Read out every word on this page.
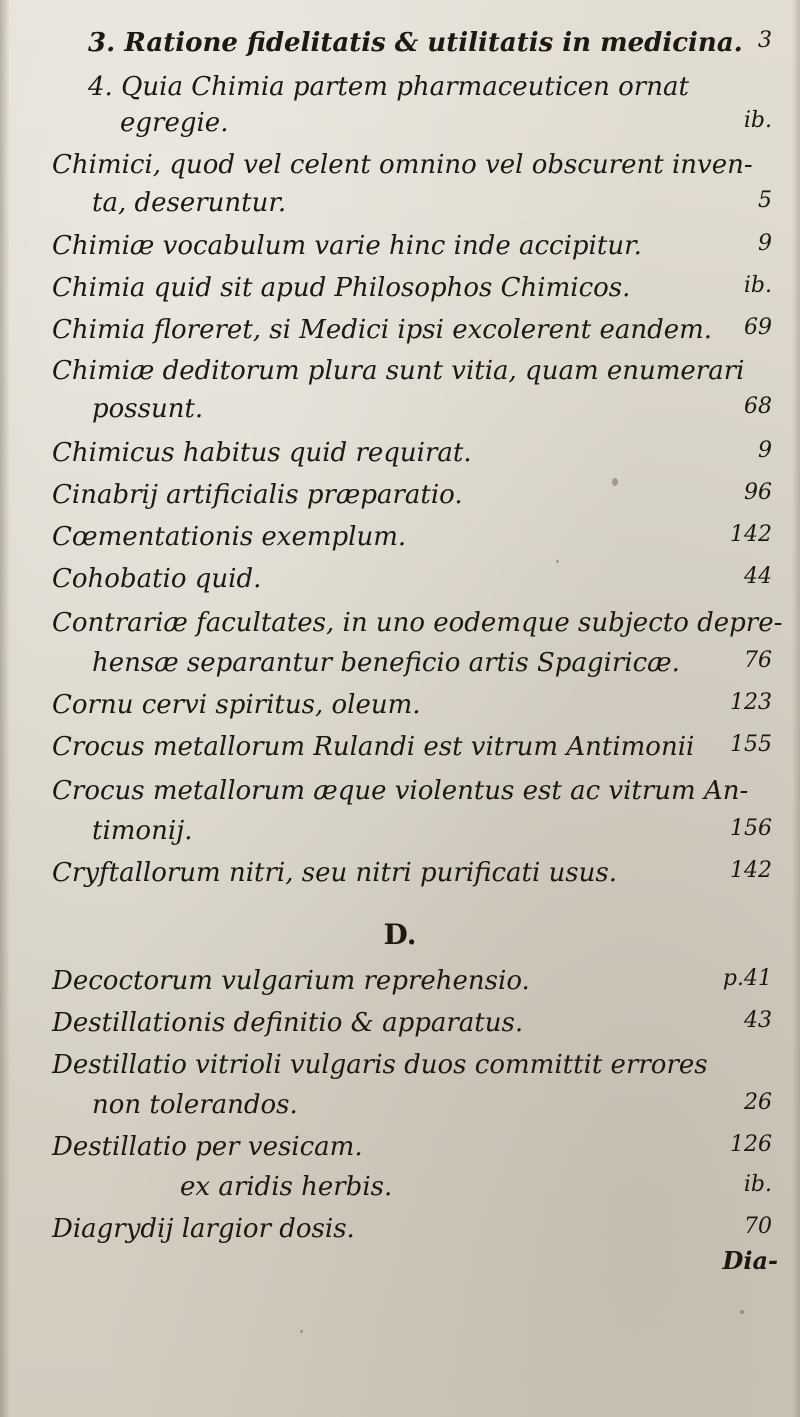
3. Ratione fidelitatis & utilitatis in medicina. 3
4. Quia Chimia partem pharmaceuticen ornat
egregie.	ib.
Chimici, quod vel celent omnino vel obscurent inven-
ta, deseruntur.	5
Chimiæ vocabulum varie hinc inde accipitur.	9
Chimia quid sit apud Philosophos Chimicos.	ib.
Chimia floreret, si Medici ipsi excolerent eandem. 69
Chimiæ deditorum plura sunt vitia, quam enumerari
possunt.	68
Chimicus habitus quid requirat.	9
Cinabrij artificialis præparatio.	96
Cœmentationis exemplum.	142
Cohobatio quid.	44
Contrariæ facultates, in uno eodemque subjecto depre-
hensæ separantur beneficio artis Spagiricæ.	76
Cornu cervi spiritus, oleum.	123
Crocus metallorum Rulandi est vitrum Antimonii 155
Crocus metallorum æque violentus est ac vitrum An-
timonij.	156
Cryftallorum nitri, seu nitri purificati usus.	142
D.
Decoctorum vulgarium reprehensio.	p.41
Destillationis definitio & apparatus.	43
Destillatio vitrioli vulgaris duos committit errores
non tolerandos.	26
Destillatio per vesicam.	126
ex aridis herbis.	ib.
Diagrydij largior dosis.	70
Dia-
